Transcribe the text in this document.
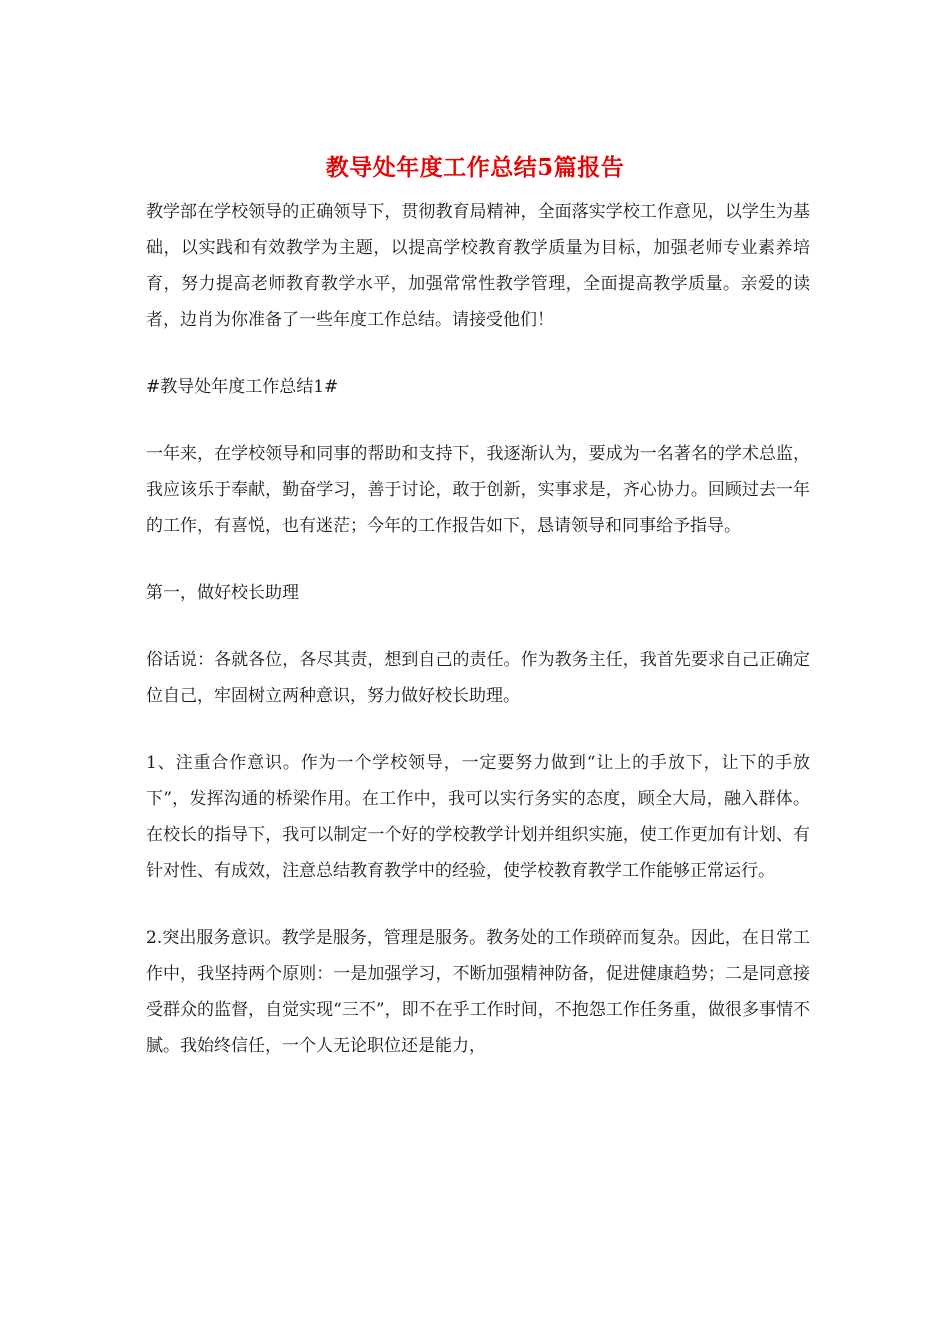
教导处年度工作总结5篇报告

教学部在学校领导的正确领导下，贯彻教育局精神，全面落实学校工作意见，以学生为基础，以实践和有效教学为主题，以提高学校教育教学质量为目标，加强老师专业素养培育，努力提高老师教育教学水平，加强常常性教学管理，全面提高教学质量。亲爱的读者，边肖为你准备了一些年度工作总结。请接受他们！

#教导处年度工作总结1#

一年来，在学校领导和同事的帮助和支持下，我逐渐认为，要成为一名著名的学术总监，我应该乐于奉献，勤奋学习，善于讨论，敢于创新，实事求是，齐心协力。回顾过去一年的工作，有喜悦，也有迷茫；今年的工作报告如下，恳请领导和同事给予指导。

第一，做好校长助理

俗话说：各就各位，各尽其责，想到自己的责任。作为教务主任，我首先要求自己正确定位自己，牢固树立两种意识，努力做好校长助理。

1、注重合作意识。作为一个学校领导，一定要努力做到“让上的手放下，让下的手放下”，发挥沟通的桥梁作用。在工作中，我可以实行务实的态度，顾全大局，融入群体。在校长的指导下，我可以制定一个好的学校教学计划并组织实施，使工作更加有计划、有针对性、有成效，注意总结教育教学中的经验，使学校教育教学工作能够正常运行。

2.突出服务意识。教学是服务，管理是服务。教务处的工作琐碎而复杂。因此，在日常工作中，我坚持两个原则：一是加强学习，不断加强精神防备，促进健康趋势；二是同意接受群众的监督，自觉实现“三不”，即不在乎工作时间，不抱怨工作任务重，做很多事情不腻。我始终信任，一个人无论职位还是能力，
